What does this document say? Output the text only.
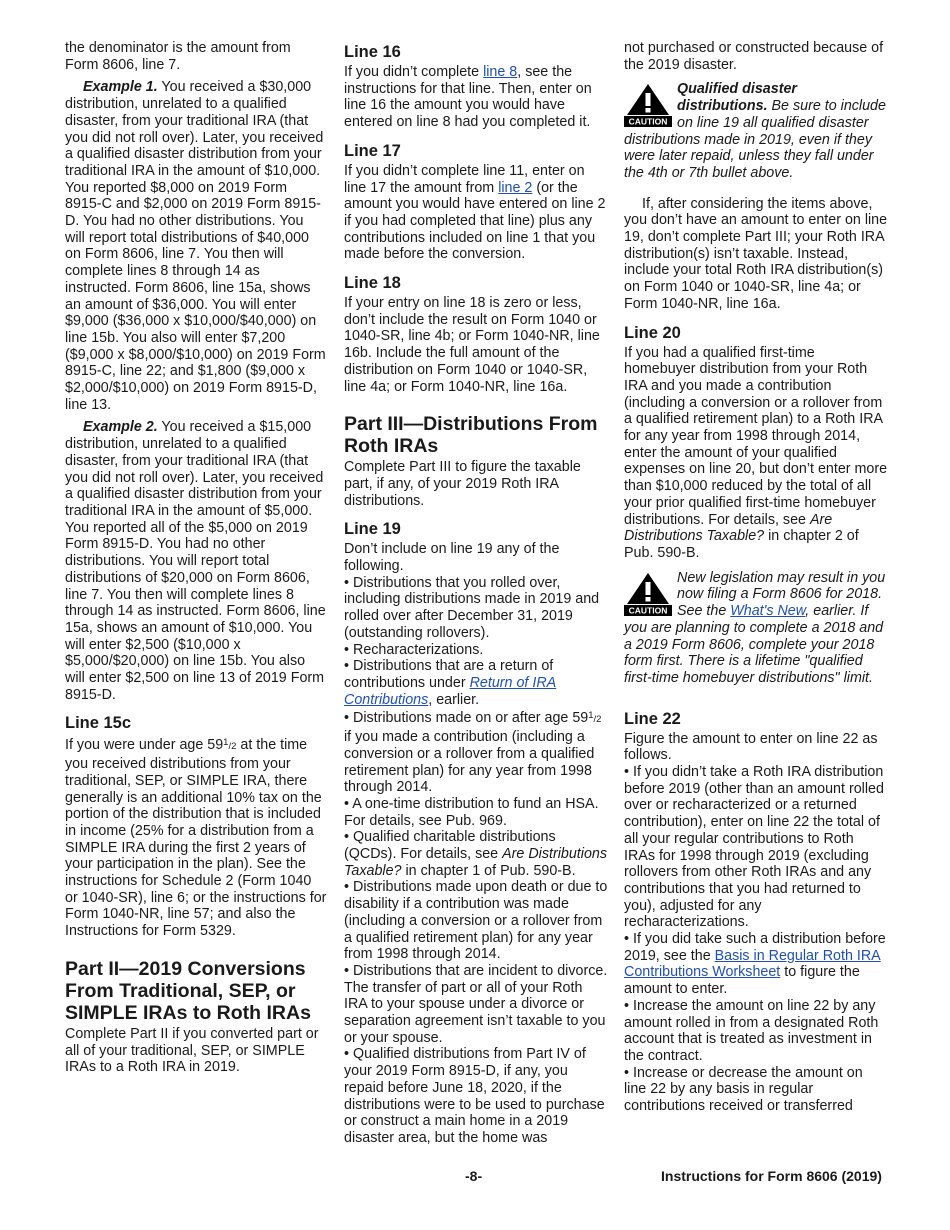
the denominator is the amount from Form 8606, line 7.

Example 1. You received a $30,000 distribution, unrelated to a qualified disaster, from your traditional IRA (that you did not roll over). Later, you received a qualified disaster distribution from your traditional IRA in the amount of $10,000. You reported $8,000 on 2019 Form 8915-C and $2,000 on 2019 Form 8915-D. You had no other distributions. You will report total distributions of $40,000 on Form 8606, line 7. You then will complete lines 8 through 14 as instructed. Form 8606, line 15a, shows an amount of $36,000. You will enter $9,000 ($36,000 x $10,000/$40,000) on line 15b. You also will enter $7,200 ($9,000 x $8,000/$10,000) on 2019 Form 8915-C, line 22; and $1,800 ($9,000 x $2,000/$10,000) on 2019 Form 8915-D, line 13.

Example 2. You received a $15,000 distribution, unrelated to a qualified disaster, from your traditional IRA (that you did not roll over). Later, you received a qualified disaster distribution from your traditional IRA in the amount of $5,000. You reported all of the $5,000 on 2019 Form 8915-D. You had no other distributions. You will report total distributions of $20,000 on Form 8606, line 7. You then will complete lines 8 through 14 as instructed. Form 8606, line 15a, shows an amount of $10,000. You will enter $2,500 ($10,000 x $5,000/$20,000) on line 15b. You also will enter $2,500 on line 13 of 2019 Form 8915-D.

Line 15c

If you were under age $59^1/2$ at the time you received distributions from your traditional, SEP, or SIMPLE IRA, there generally is an additional 10% tax on the portion of the distribution that is included in income (25% for a distribution from a SIMPLE IRA during the first 2 years of your participation in the plan). See the instructions for Schedule 2 (Form 1040 or 1040-SR), line 6; or the instructions for Form 1040-NR, line 57; and also the Instructions for Form 5329.

Part II—2019 Conversions From Traditional, SEP, or SIMPLE IRAs to Roth IRAs

Complete Part II if you converted part or all of your traditional, SEP, or SIMPLE IRAs to a Roth IRA in 2019.

Line 16

If you didn’t complete line 8, see the instructions for that line. Then, enter on line 16 the amount you would have entered on line 8 had you completed it.

Line 17

If you didn’t complete line 11, enter on line 17 the amount from line 2 (or the amount you would have entered on line 2 if you had completed that line) plus any contributions included on line 1 that you made before the conversion.

Line 18

If your entry on line 18 is zero or less, don’t include the result on Form 1040 or 1040-SR, line 4b; or Form 1040-NR, line 16b. Include the full amount of the distribution on Form 1040 or 1040-SR, line 4a; or Form 1040-NR, line 16a.

Part III—Distributions From Roth IRAs

Complete Part III to figure the taxable part, if any, of your 2019 Roth IRA distributions.

Line 19

Don’t include on line 19 any of the following.

• Distributions that you rolled over, including distributions made in 2019 and rolled over after December 31, 2019 (outstanding rollovers).

• Recharacterizations.

• Distributions that are a return of contributions under Return of IRA Contributions, earlier.

• Distributions made on or after age $59^1/2$ if you made a contribution (including a conversion or a rollover from a qualified retirement plan) for any year from 1998 through 2014.

• A one-time distribution to fund an HSA. For details, see Pub. 969.

• Qualified charitable distributions (QCDs). For details, see Are Distributions Taxable? in chapter 1 of Pub. 590-B.

• Distributions made upon death or due to disability if a contribution was made (including a conversion or a rollover from a qualified retirement plan) for any year from 1998 through 2014.

• Distributions that are incident to divorce. The transfer of part or all of your Roth IRA to your spouse under a divorce or separation agreement isn’t taxable to you or your spouse.

• Qualified distributions from Part IV of your 2019 Form 8915-D, if any, you repaid before June 18, 2020, if the distributions were to be used to purchase or construct a main home in a 2019 disaster area, but the home was

not purchased or constructed because of the 2019 disaster.

CAUTION

Qualified disaster distributions. Be sure to include on line 19 all qualified disaster distributions made in 2019, even if they were later repaid, unless they fall under the 4th or 7th bullet above.

If, after considering the items above, you don’t have an amount to enter on line 19, don’t complete Part III; your Roth IRA distribution(s) isn’t taxable. Instead, include your total Roth IRA distribution(s) on Form 1040 or 1040-SR, line 4a; or Form 1040-NR, line 16a.

Line 20

If you had a qualified first-time homebuyer distribution from your Roth IRA and you made a contribution (including a conversion or a rollover from a qualified retirement plan) to a Roth IRA for any year from 1998 through 2014, enter the amount of your qualified expenses on line 20, but don’t enter more than $10,000 reduced by the total of all your prior qualified first-time homebuyer distributions. For details, see Are Distributions Taxable? in chapter 2 of Pub. 590-B.

CAUTION

New legislation may result in you now filing a Form 8606 for 2018. See the What's New, earlier. If you are planning to complete a 2018 and a 2019 Form 8606, complete your 2018 form first. There is a lifetime "qualified first-time homebuyer distributions" limit.

Line 22

Figure the amount to enter on line 22 as follows.

• If you didn’t take a Roth IRA distribution before 2019 (other than an amount rolled over or recharacterized or a returned contribution), enter on line 22 the total of all your regular contributions to Roth IRAs for 1998 through 2019 (excluding rollovers from other Roth IRAs and any contributions that you had returned to you), adjusted for any recharacterizations.

• If you did take such a distribution before 2019, see the Basis in Regular Roth IRA Contributions Worksheet to figure the amount to enter.

• Increase the amount on line 22 by any amount rolled in from a designated Roth account that is treated as investment in the contract.

• Increase or decrease the amount on line 22 by any basis in regular contributions received or transferred

-8-	Instructions for Form 8606 (2019)
